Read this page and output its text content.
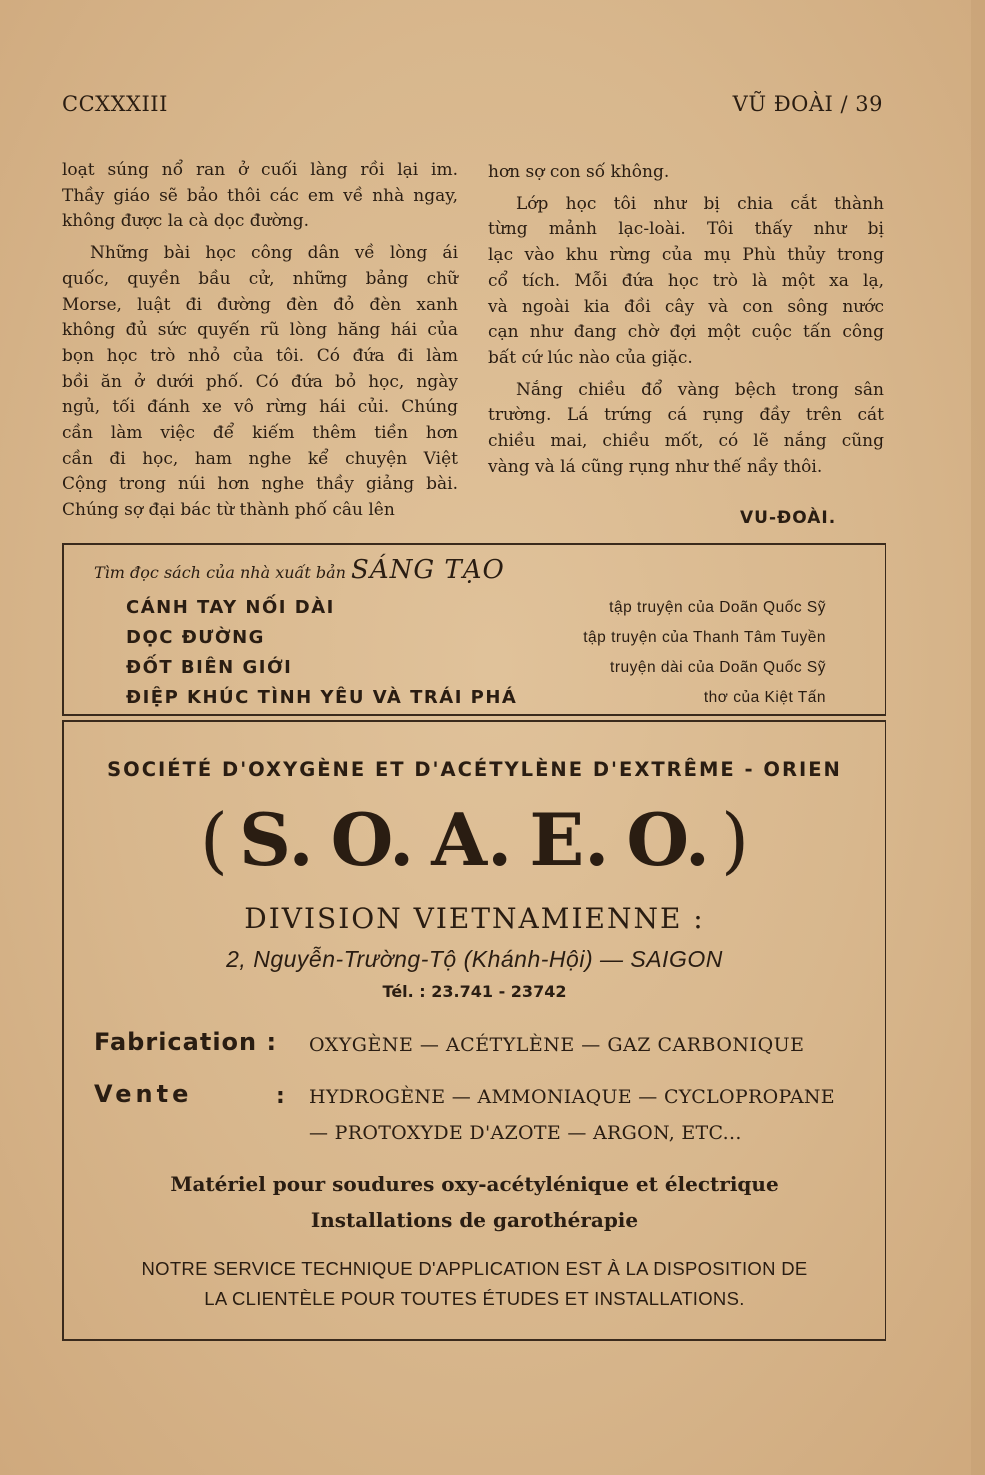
CCXXXIII	VŨ ĐOÀI / 39

loạt súng nổ ran ở cuối làng rồi lại im.
Thầy giáo sẽ bảo thôi các em về nhà ngay,
không được la cà dọc đường.

Những bài học công dân về lòng ái
quốc, quyền bầu cử, những bảng chữ
Morse, luật đi đường đèn đỏ đèn xanh
không đủ sức quyến rũ lòng hăng hái của
bọn học trò nhỏ của tôi. Có đứa đi làm
bồi ăn ở dưới phố. Có đứa bỏ học, ngày
ngủ, tối đánh xe vô rừng hái củi. Chúng
cần làm việc để kiếm thêm tiền hơn
cần đi học, ham nghe kể chuyện Việt
Cộng trong núi hơn nghe thầy giảng bài.
Chúng sợ đại bác từ thành phố câu lên

hơn sợ con số không.

Lớp học tôi như bị chia cắt thành
từng mảnh lạc-loài. Tôi thấy như bị
lạc vào khu rừng của mụ Phù thủy trong
cổ tích. Mỗi đứa học trò là một xa lạ,
và ngoài kia đồi cây và con sông nước
cạn như đang chờ đợi một cuộc tấn công
bất cứ lúc nào của giặc.

Nắng chiều đổ vàng bệch trong sân
trường. Lá trứng cá rụng đầy trên cát
chiều mai, chiều mốt, có lẽ nắng cũng
vàng và lá cũng rụng như thế nầy thôi.

VU-ĐOÀI.
Tìm đọc sách của nhà xuất bản SÁNG TẠO
CÁNH TAY NỐI DÀI	tập truyện của Doãn Quốc Sỹ
DỌC ĐƯỜNG	tập truyện của Thanh Tâm Tuyền
ĐỐT BIÊN GIỚI	truyện dài của Doãn Quốc Sỹ
ĐIỆP KHÚC TÌNH YÊU VÀ TRÁI PHÁ	thơ của Kiệt Tấn
SOCIÉTÉ D'OXYGÈNE ET D'ACÉTYLÈNE D'EXTRÊME - ORIEN
( S. O. A. E. O. )
DIVISION VIETNAMIENNE :
2, Nguyễn-Trường-Tộ (Khánh-Hội) — SAIGON
Tél. : 23.741 - 23742
Fabrication : OXYGÈNE — ACÉTYLÈNE — GAZ CARBONIQUE
Vente	: HYDROGÈNE — AMMONIAQUE — CYCLOPROPANE
— PROTOXYDE D'AZOTE — ARGON, ETC...
Matériel pour soudures oxy-acétylénique et électrique
Installations de garothérapie
NOTRE SERVICE TECHNIQUE D'APPLICATION EST À LA DISPOSITION DE
LA CLIENTÈLE POUR TOUTES ÉTUDES ET INSTALLATIONS.
